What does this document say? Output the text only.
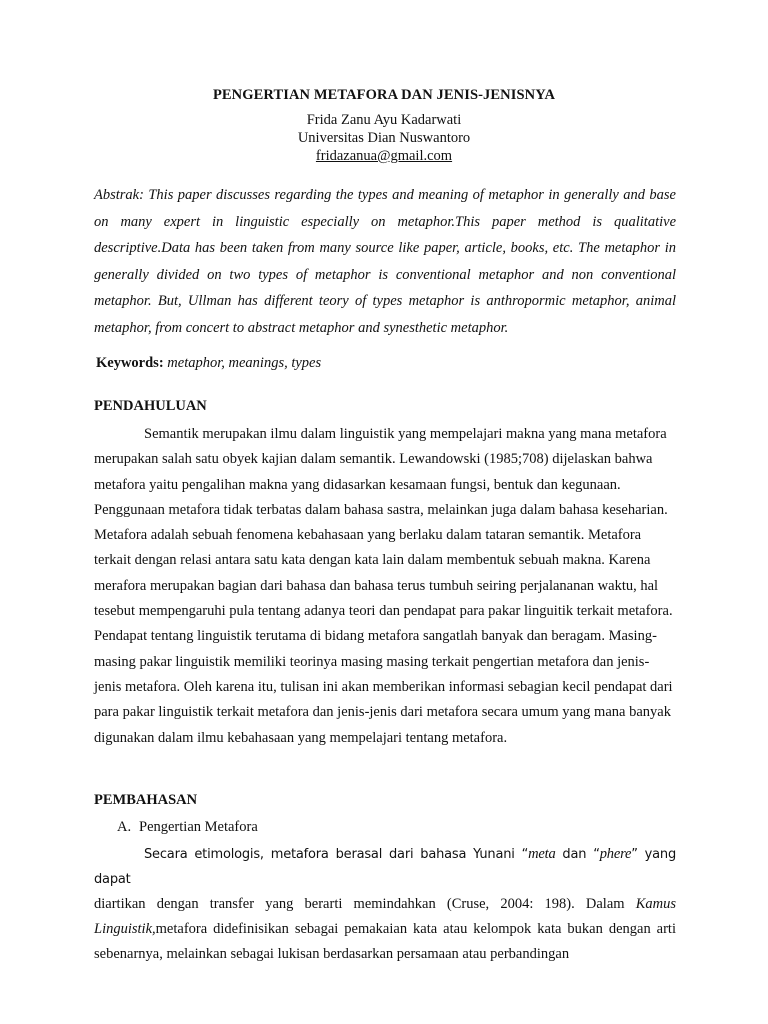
PENGERTIAN METAFORA DAN JENIS-JENISNYA
Frida Zanu Ayu Kadarwati
Universitas Dian Nuswantoro
fridazanua@gmail.com
Abstrak: This paper discusses regarding the types and meaning of metaphor in generally and base on many expert in linguistic especially on metaphor.This paper method is qualitative descriptive.Data has been taken from many source like paper, article, books, etc. The metaphor in generally divided on two types of metaphor is conventional metaphor and non conventional metaphor. But, Ullman has different teory of types metaphor is anthropormic metaphor, animal metaphor, from concert to abstract metaphor and synesthetic metaphor.
Keywords: metaphor, meanings, types
PENDAHULUAN
Semantik merupakan ilmu dalam linguistik yang mempelajari makna yang mana metafora merupakan salah satu obyek kajian dalam semantik. Lewandowski (1985;708) dijelaskan bahwa metafora yaitu pengalihan makna yang didasarkan kesamaan fungsi, bentuk dan kegunaan. Penggunaan metafora tidak terbatas dalam bahasa sastra, melainkan juga dalam bahasa keseharian. Metafora adalah sebuah fenomena kebahasaan yang berlaku dalam tataran semantik. Metafora terkait dengan relasi antara satu kata dengan kata lain dalam membentuk sebuah makna. Karena merafora merupakan bagian dari bahasa dan bahasa terus tumbuh seiring perjalananan waktu, hal tesebut mempengaruhi pula tentang adanya teori dan pendapat para pakar linguitik terkait metafora. Pendapat tentang linguistik terutama di bidang metafora sangatlah banyak dan beragam. Masing-masing pakar linguistik memiliki teorinya masing masing terkait pengertian metafora dan jenis-jenis metafora. Oleh karena itu, tulisan ini akan memberikan informasi sebagian kecil pendapat dari para pakar linguistik terkait metafora dan jenis-jenis dari metafora secara umum yang mana banyak digunakan dalam ilmu kebahasaan yang mempelajari tentang metafora.
PEMBAHASAN
A. Pengertian Metafora
Secara etimologis, metafora berasal dari bahasa Yunani “meta dan “phere” yang dapat
diartikan dengan transfer yang berarti memindahkan (Cruse, 2004: 198). Dalam Kamus Linguistik,metafora didefinisikan sebagai pemakaian kata atau kelompok kata bukan dengan arti sebenarnya, melainkan sebagai lukisan berdasarkan persamaan atau perbandingan
